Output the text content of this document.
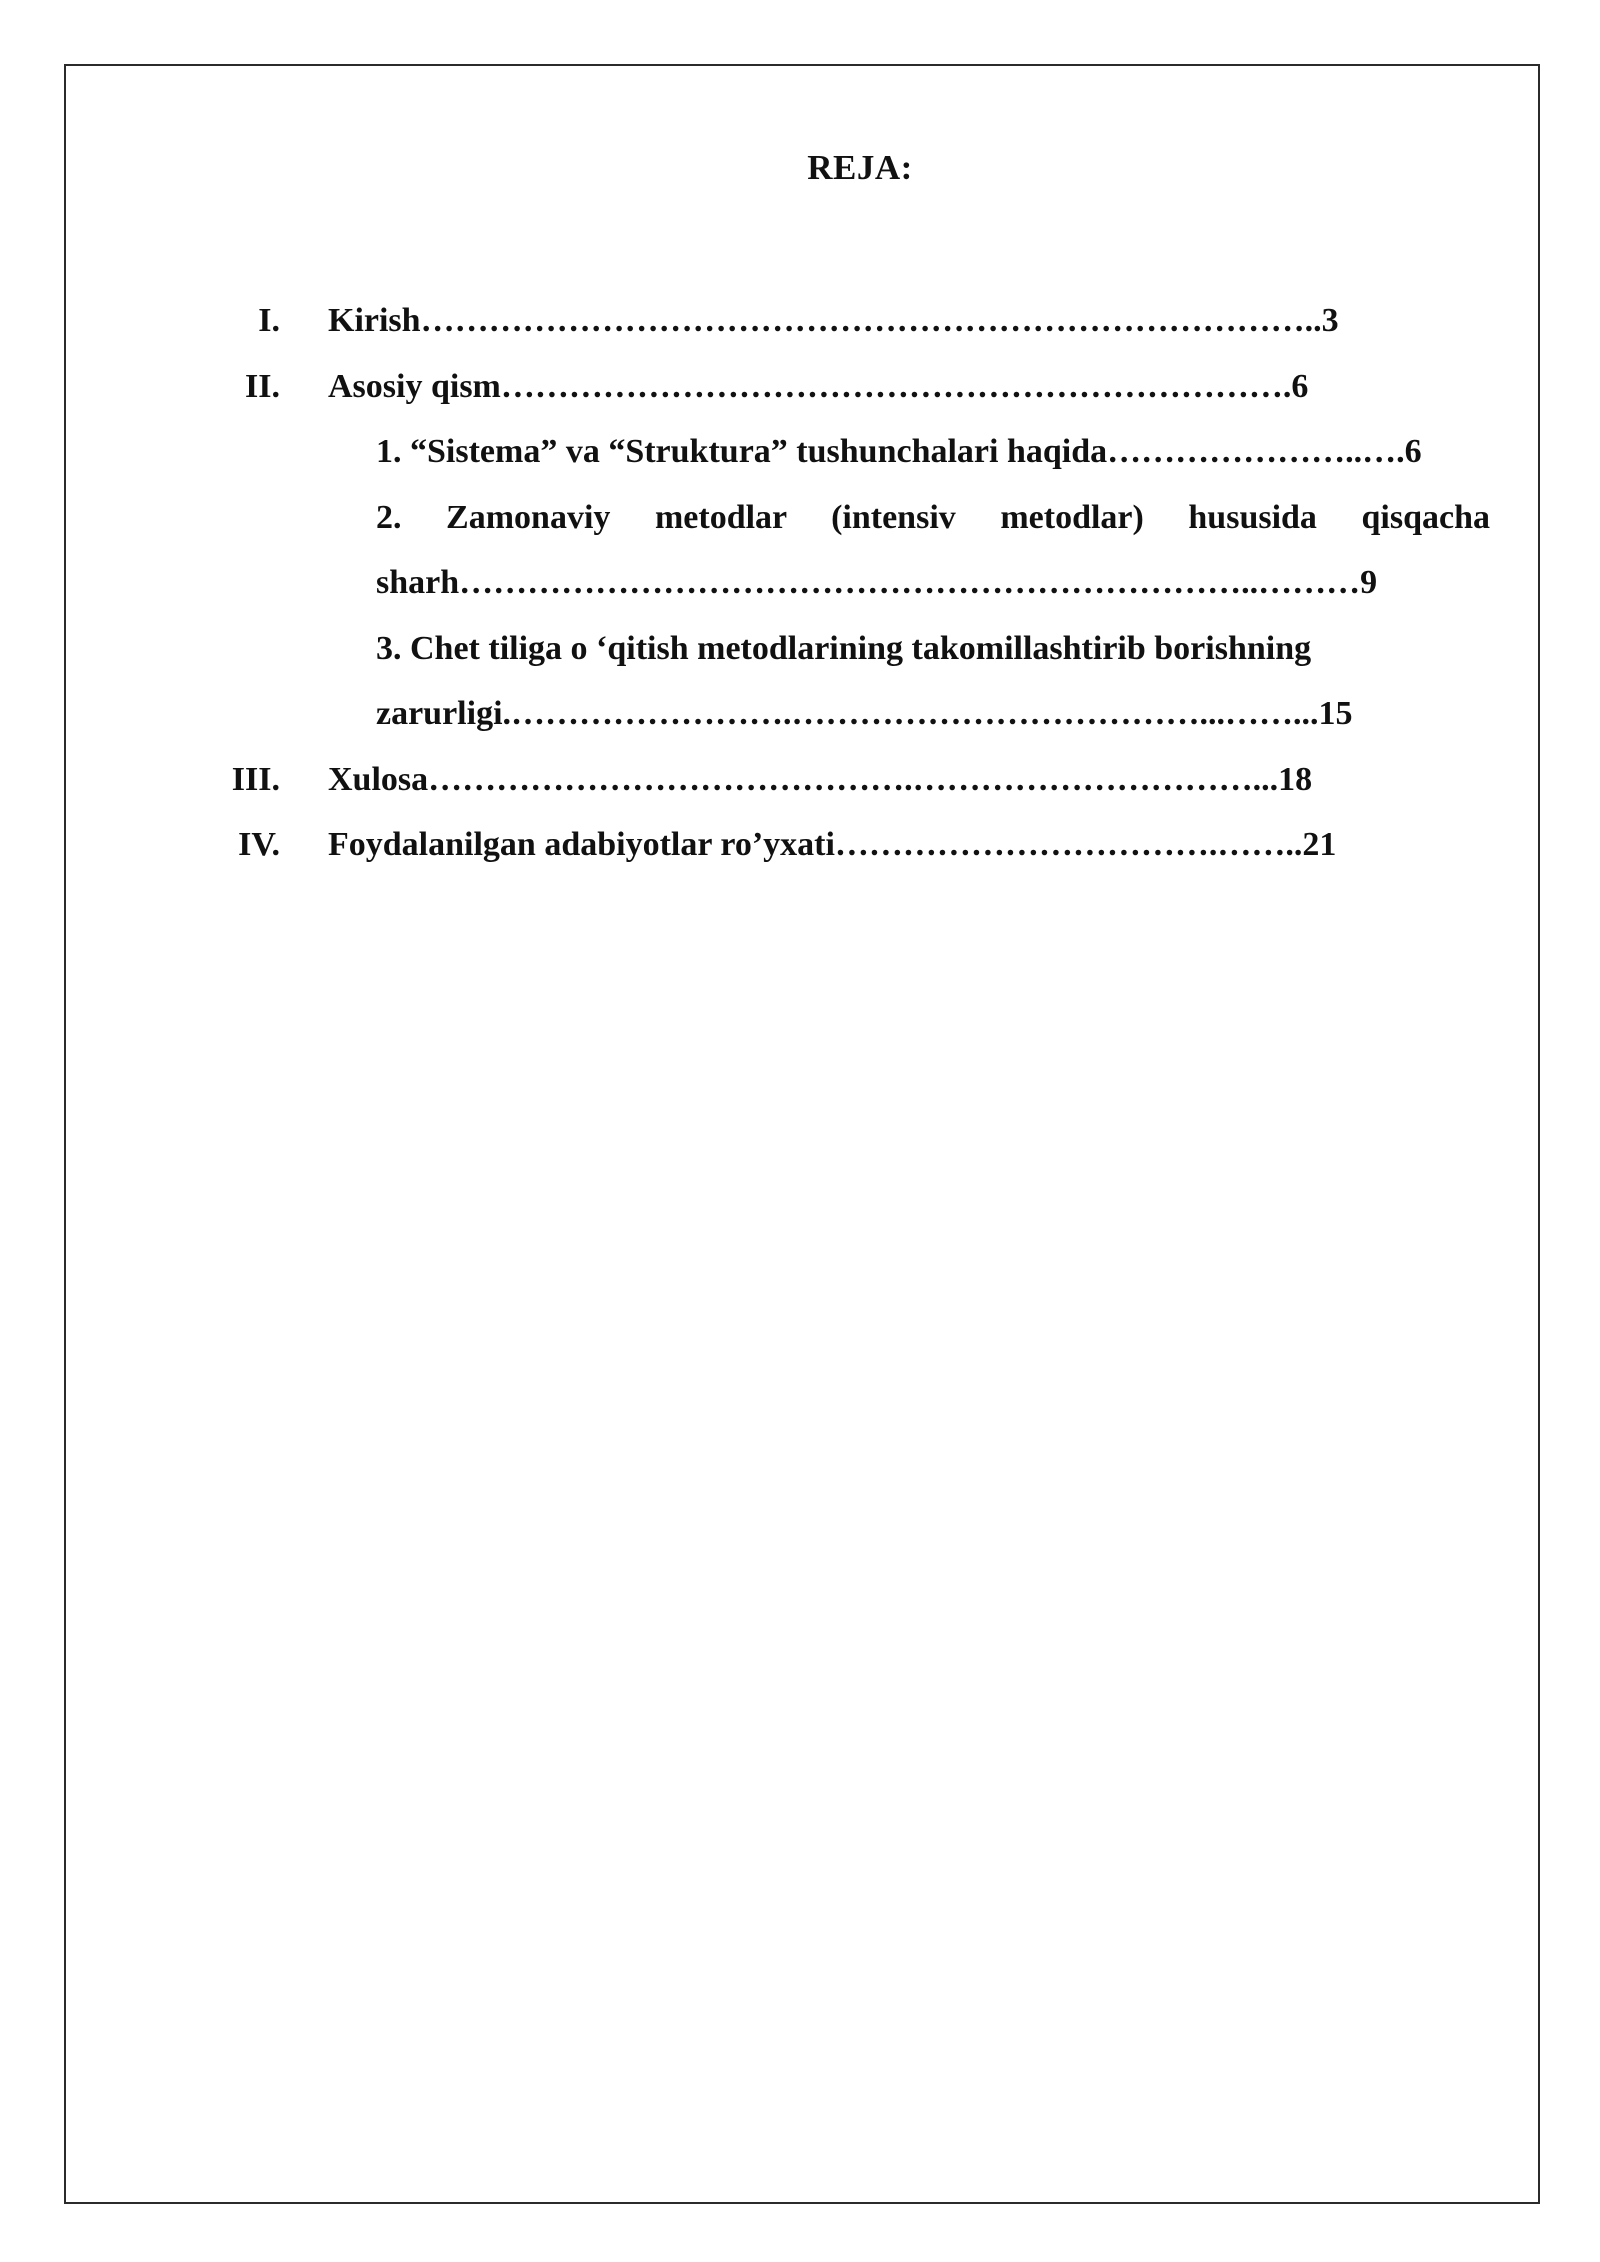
REJA:
I. Kirish……………………………………………………………………..3
II. Asosiy qism…………………………………………………………….6
1. “Sistema” va “Struktura” tushunchalari haqida…………………..….6
2. Zamonaviy metodlar (intensiv metodlar) hususida qisqacha
sharh……………………………………………………………..………9
3. Chet tiliga o ‘qitish metodlarining takomillashtirib borishning
zarurligi.…………………….………………………………...……...15
III. Xulosa…………………………………….…………………………...18
IV. Foydalanilgan adabiyotlar ro’yxati…………………………….……..21
